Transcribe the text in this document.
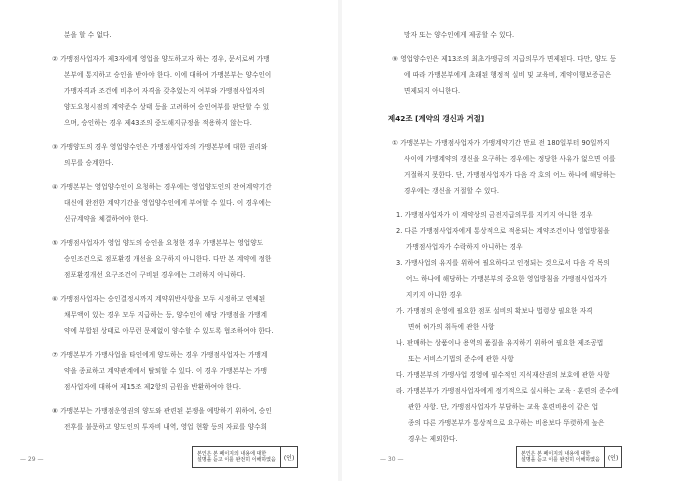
분을 할 수 없다.
② 가맹점사업자가 제3자에게 영업을 양도하고자 하는 경우, 문서로써 가맹
본부에 통지하고 승인을 받아야 한다. 이에 대하여 가맹본부는 양수인이
가맹자격과 조건에 비추어 자격을 갖추었는지 여부와 가맹점사업자의
양도요청시점의 계약준수 상태 등을 고려하여 승인여부를 판단할 수 있
으며, 승인하는 경우 제43조의 중도해지규정을 적용하지 않는다.
③ 가맹양도의 경우 영업양수인은 가맹점사업자의 가맹본부에 대한 권리와
의무를 승계한다.
④ 가맹본부는 영업양수인이 요청하는 경우에는 영업양도인의 잔여계약기간
대신에 완전한 계약기간을 영업양수인에게 부여할 수 있다. 이 경우에는
신규계약을 체결하여야 한다.
⑤ 가맹점사업자가 영업 양도의 승인을 요청한 경우 가맹본부는 영업양도
승인조건으로 점포환경 개선을 요구하지 아니한다. 다만 본 계약에 정한
점포환경개선 요구조건이 구비된 경우에는 그러하지 아니하다.
⑥ 가맹점사업자는 승인결정시까지 계약위반사항을 모두 시정하고 연체된
채무액이 있는 경우 모두 지급하는 등, 양수인이 해당 가맹점을 가맹계
약에 부합된 상태로 아무런 문제없이 양수할 수 있도록 협조하여야 한다.
⑦ 가맹본부가 가맹사업을 타인에게 양도하는 경우 가맹점사업자는 가맹계
약을 종료하고 계약관계에서 탈퇴할 수 있다. 이 경우 가맹본부는 가맹
점사업자에 대하여 제15조 제2항의 금원을 반환하여야 한다.
⑧ 가맹본부는 가맹점운영권의 양도와 관련된 분쟁을 예방하기 위하여, 승인
전후를 불문하고 양도인의 투자비 내역, 영업 현황 등의 자료를 양수희
— 29 —
본인은 본 페이지의 내용에 대한
설명을 듣고 이를 완전히 이해하였음	(인)
망자 또는 양수인에게 제공할 수 있다.
⑨ 영업양수인은 제13조의 최초가맹금의 지급의무가 면제된다. 다만, 양도 등
에 따라 가맹본부에게 초래된 행정적 실비 및 교육비, 계약이행보증금은
면제되지 아니한다.
제42조 [계약의 갱신과 거절]
① 가맹본부는 가맹점사업자가 가맹계약기간 만료 전 180일부터 90일까지
사이에 가맹계약의 갱신을 요구하는 경우에는 정당한 사유가 없으면 이를
거절하지 못한다. 단, 가맹점사업자가 다음 각 호의 어느 하나에 해당하는
경우에는 갱신을 거절할 수 있다.
1. 가맹점사업자가 이 계약상의 금전지급의무를 지키지 아니한 경우
2. 다른 가맹점사업자에게 통상적으로 적용되는 계약조건이나 영업방침을
가맹점사업자가 수락하지 아니하는 경우
3. 가맹사업의 유지를 위하여 필요하다고 인정되는 것으로서 다음 각 목의
어느 하나에 해당하는 가맹본부의 중요한 영업방침을 가맹점사업자가
지키지 아니한 경우
가. 가맹점의 운영에 필요한 점포 설비의 확보나 법령상 필요한 자격
면허 허가의 취득에 관한 사항
나. 판매하는 상품이나 용역의 품질을 유지하기 위하여 필요한 제조공법
또는 서비스기법의 준수에 관한 사항
다. 가맹본부의 가맹사업 경영에 필수적인 지식재산권의 보호에 관한 사항
라. 가맹본부가 가맹점사업자에게 정기적으로 실시하는 교육 · 훈련의 준수에
관한 사항. 단, 가맹점사업자가 부담하는 교육 훈련비용이 같은 업
종의 다른 가맹본부가 통상적으로 요구하는 비용보다 뚜렷하게 높은
경우는 제외한다.
— 30 —
본인은 본 페이지의 내용에 대한
설명을 듣고 이를 완전히 이해하였음	(인)
